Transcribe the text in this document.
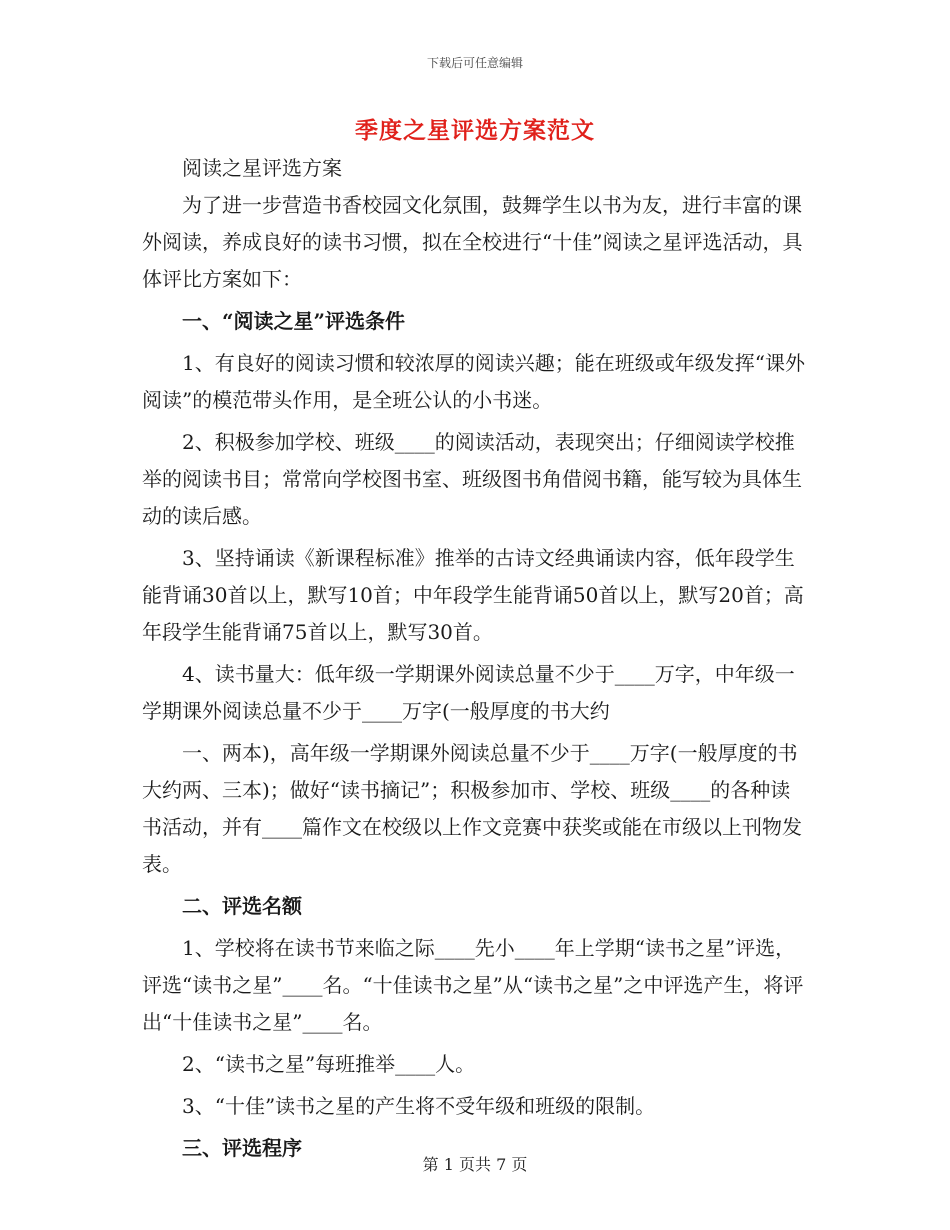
下载后可任意编辑
季度之星评选方案范文

阅读之星评选方案

为了进一步营造书香校园文化氛围，鼓舞学生以书为友，进行丰富的课外阅读，养成良好的读书习惯，拟在全校进行“十佳”阅读之星评选活动，具体评比方案如下：

一、“阅读之星”评选条件

1、有良好的阅读习惯和较浓厚的阅读兴趣；能在班级或年级发挥“课外阅读”的模范带头作用，是全班公认的小书迷。

2、积极参加学校、班级____的阅读活动，表现突出；仔细阅读学校推举的阅读书目；常常向学校图书室、班级图书角借阅书籍，能写较为具体生动的读后感。

3、坚持诵读《新课程标准》推举的古诗文经典诵读内容，低年段学生能背诵30首以上，默写10首；中年段学生能背诵50首以上，默写20首；高年段学生能背诵75首以上，默写30首。

4、读书量大：低年级一学期课外阅读总量不少于____万字，中年级一学期课外阅读总量不少于____万字(一般厚度的书大约

一、两本)，高年级一学期课外阅读总量不少于____万字(一般厚度的书大约两、三本)；做好“读书摘记”；积极参加市、学校、班级____的各种读书活动，并有____篇作文在校级以上作文竞赛中获奖或能在市级以上刊物发表。

二、评选名额

1、学校将在读书节来临之际____先小____年上学期“读书之星”评选，评选“读书之星”____名。“十佳读书之星”从“读书之星”之中评选产生，将评出“十佳读书之星”____名。

2、“读书之星”每班推举____人。

3、“十佳”读书之星的产生将不受年级和班级的限制。

三、评选程序

第 1 页共 7 页
